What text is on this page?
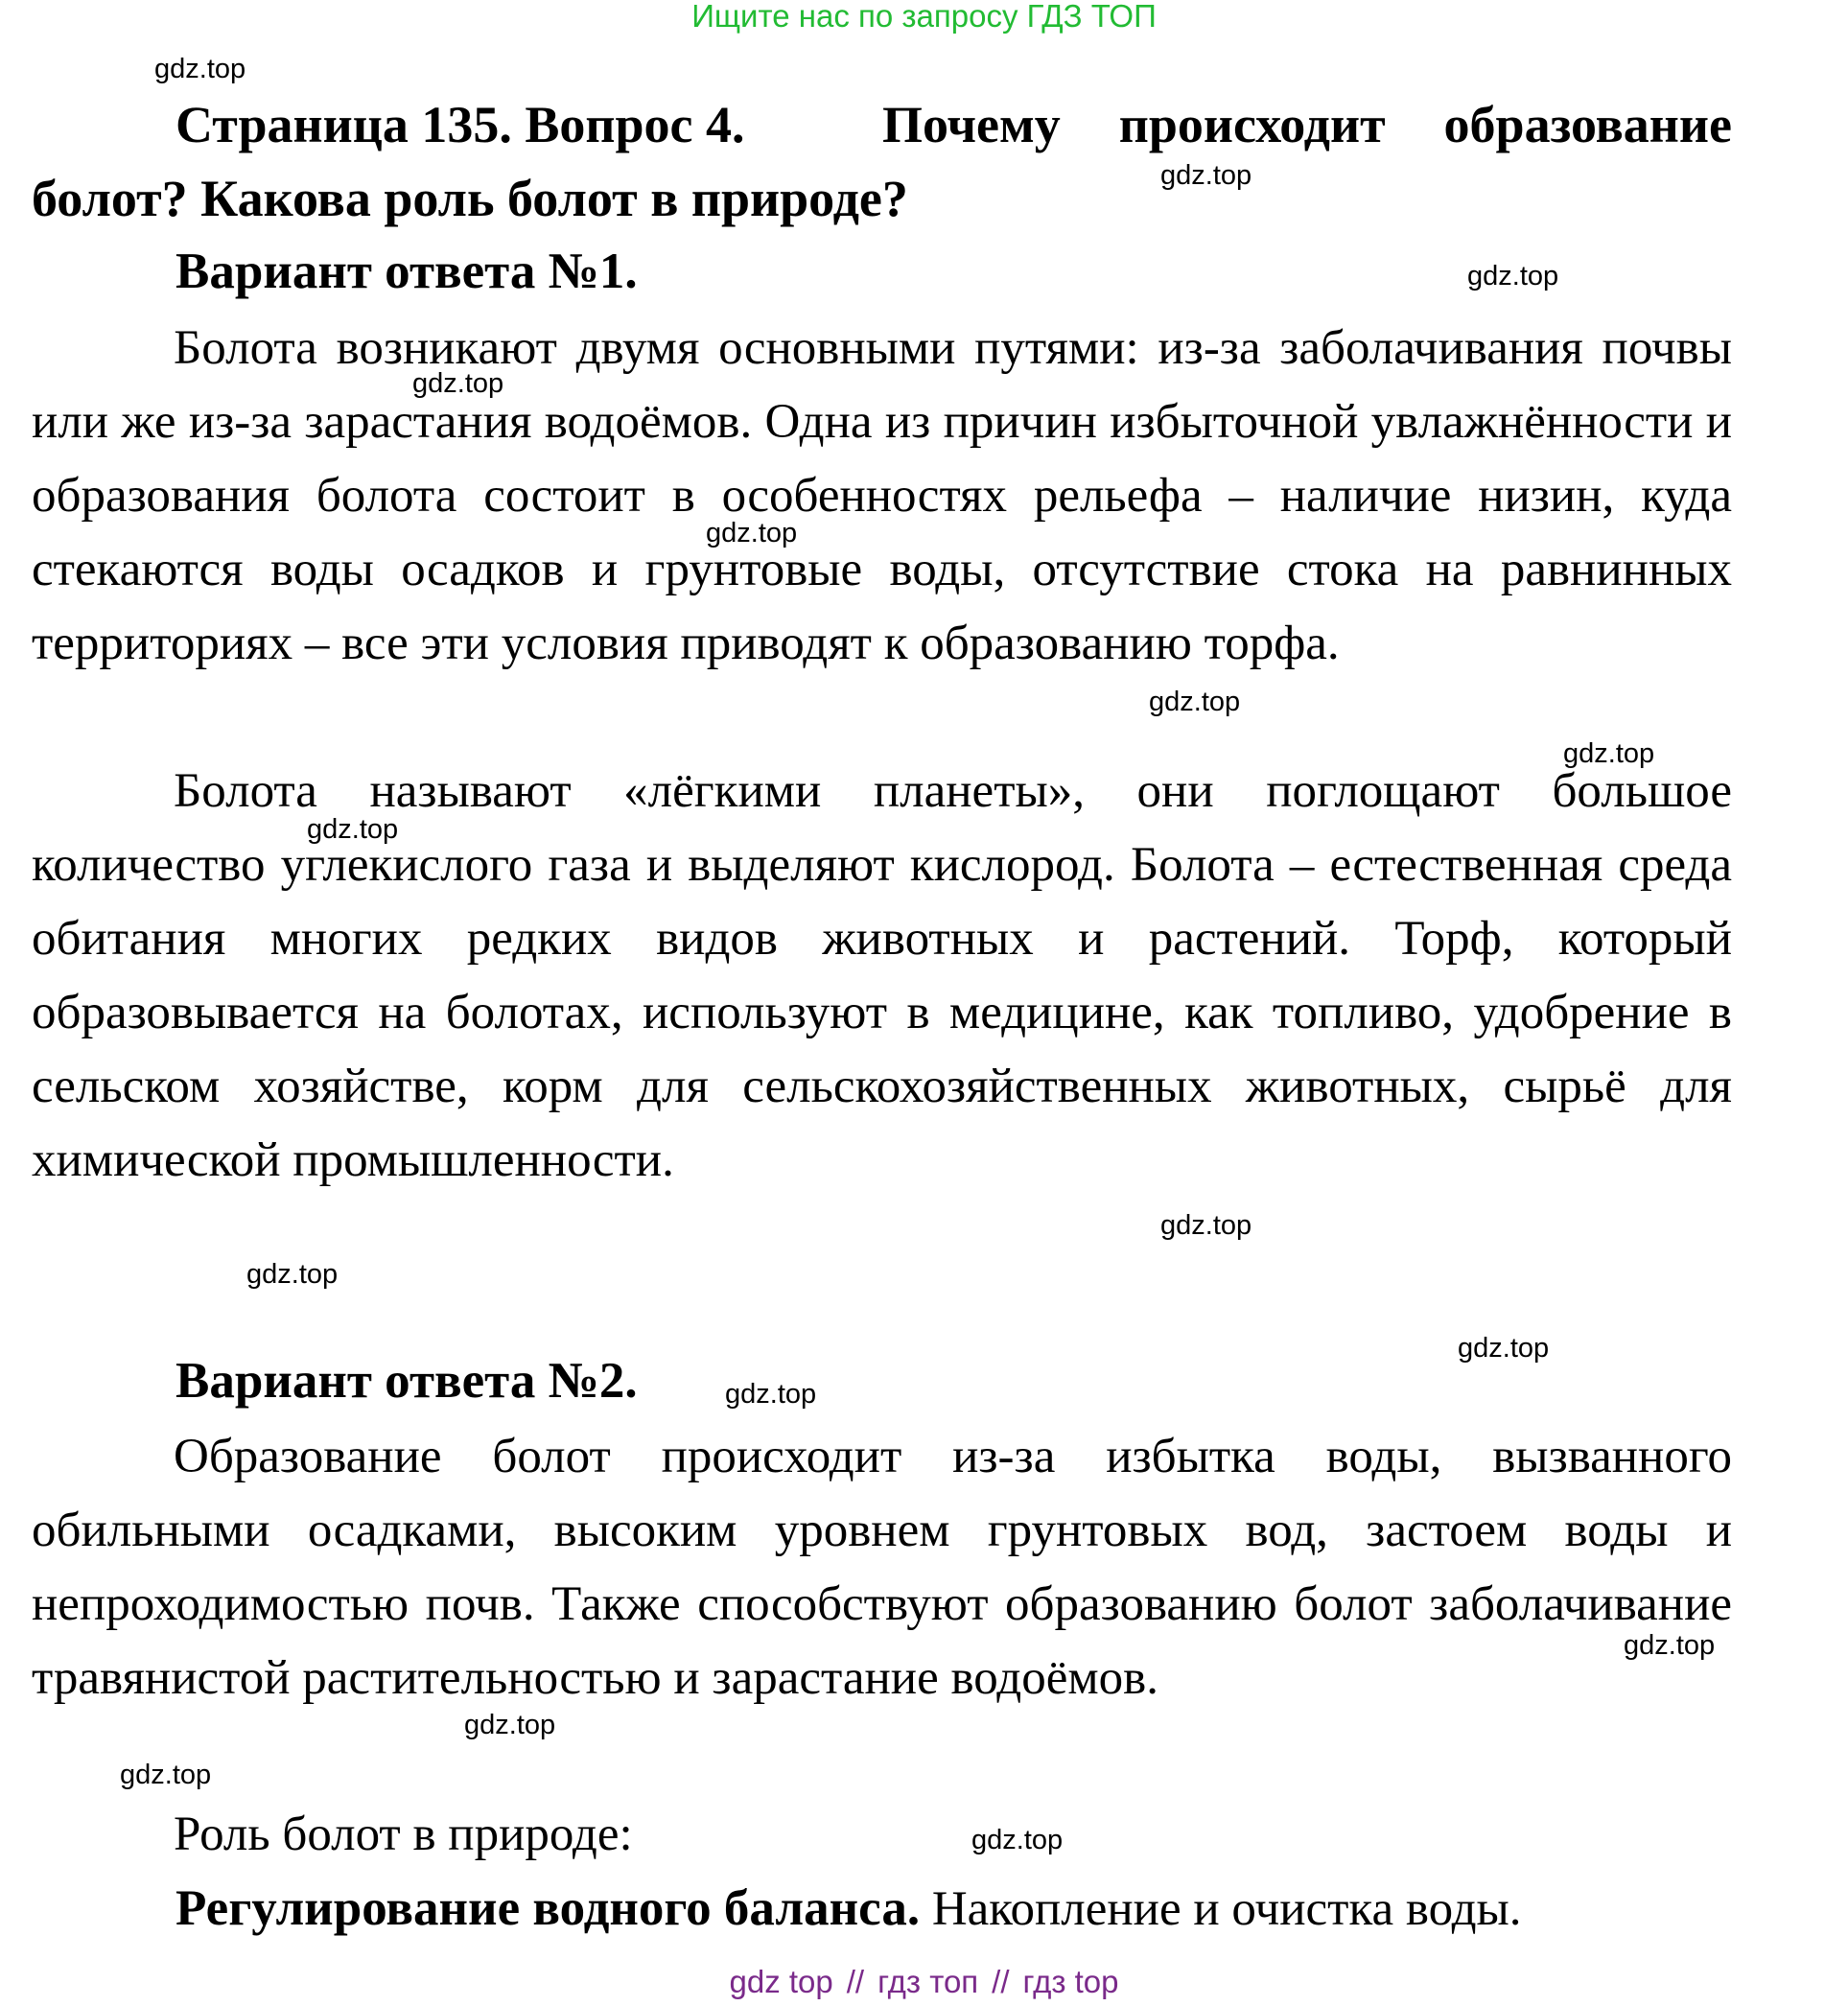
Ищите нас по запросу ГДЗ ТОП
Страница 135. Вопрос 4.	Почему происходит образование
болот? Какова роль болот в природе?
Вариант ответа №1.
Болота возникают двумя основными путями: из-за заболачивания почвы или же из-за зарастания водоёмов. Одна из причин избыточной увлажнённости и образования болота состоит в особенностях рельефа – наличие низин, куда стекаются воды осадков и грунтовые воды, отсутствие стока на равнинных территориях – все эти условия приводят к образованию торфа.
Болота называют «лёгкими планеты», они поглощают большое количество углекислого газа и выделяют кислород. Болота – естественная среда обитания многих редких видов животных и растений. Торф, который образовывается на болотах, используют в медицине, как топливо, удобрение в сельском хозяйстве, корм для сельскохозяйственных животных, сырьё для химической промышленности.
Вариант ответа №2.
Образование болот происходит из-за избытка воды, вызванного обильными осадками, высоким уровнем грунтовых вод, застоем воды и непроходимостью почв. Также способствуют образованию болот заболачивание травянистой растительностью и зарастание водоёмов.
Роль болот в природе:
Регулирование водного баланса. Накопление и очистка воды.
gdz.top
gdz.top
gdz.top
gdz.top
gdz.top
gdz.top
gdz.top
gdz.top
gdz.top
gdz.top
gdz.top
gdz.top
gdz.top
gdz.top
gdz.top
gdz.top
gdz top // гдз топ // гдз top
